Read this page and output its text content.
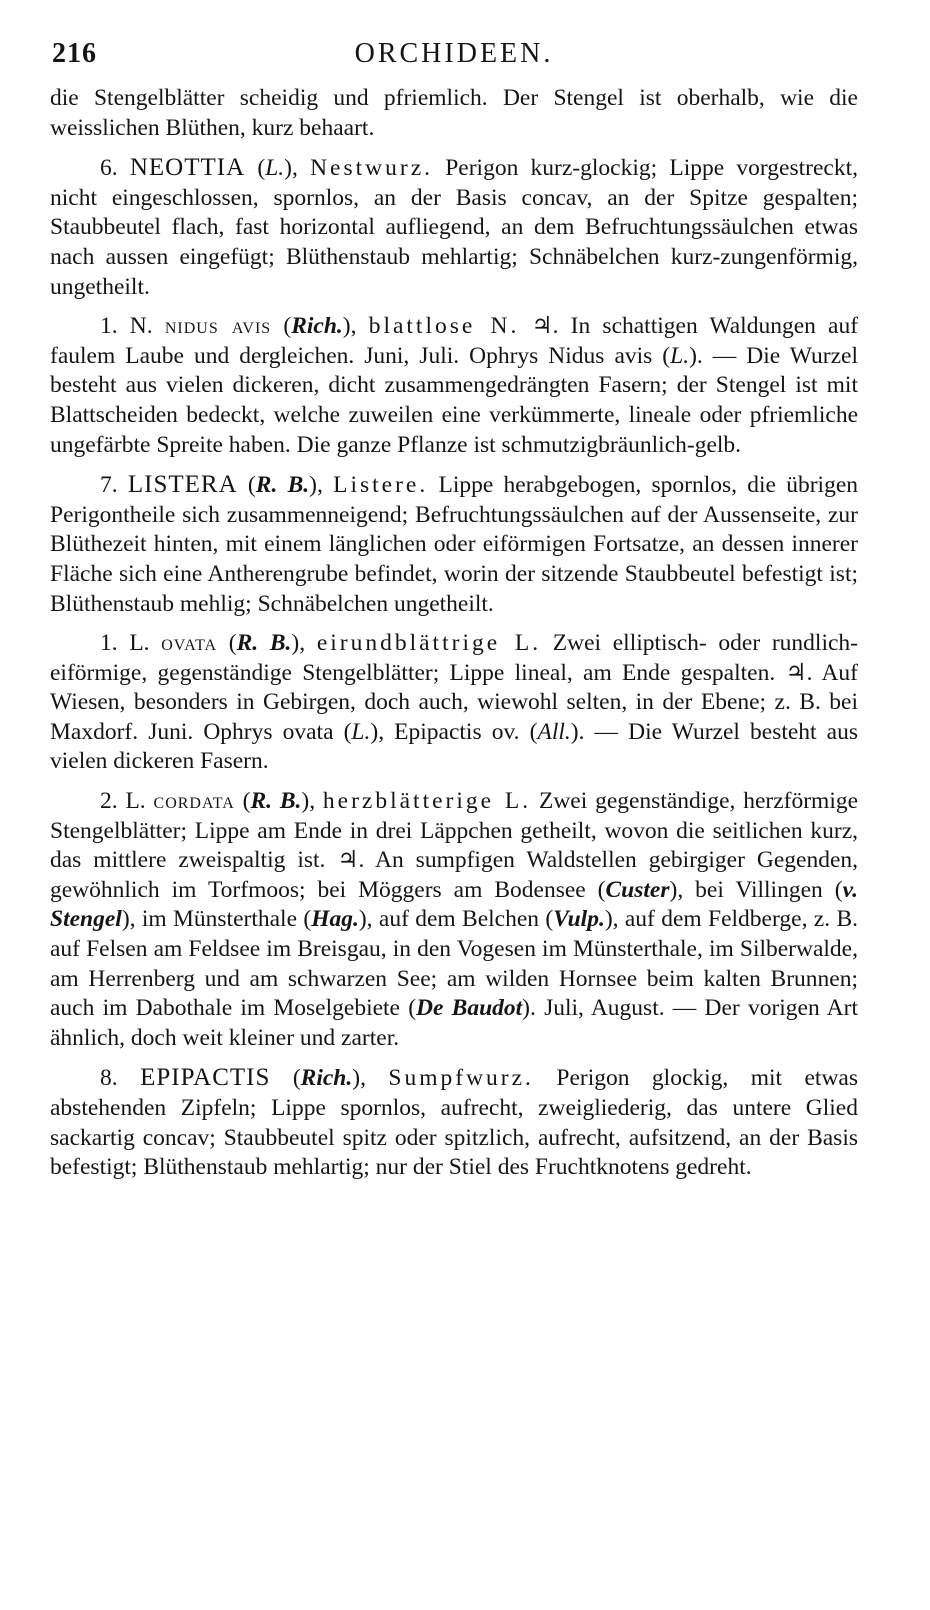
216	ORCHIDEEN.

die Stengelblätter scheidig und pfriemlich. Der Stengel ist oberhalb, wie die weisslichen Blüthen, kurz behaart.

6. NEOTTIA (L.), Nestwurz. Perigon kurz-glockig; Lippe vorgestreckt, nicht eingeschlossen, spornlos, an der Basis concav, an der Spitze gespalten; Staubbeutel flach, fast horizontal aufliegend, an dem Befruchtungssäulchen etwas nach aussen eingefügt; Blüthenstaub mehlartig; Schnäbelchen kurz-zungenförmig, ungetheilt.

1. N. nidus avis (Rich.), blattlose N. ♃. In schattigen Waldungen auf faulem Laube und dergleichen. Juni, Juli. Ophrys Nidus avis (L.). — Die Wurzel besteht aus vielen dickeren, dicht zusammengedrängten Fasern; der Stengel ist mit Blattscheiden bedeckt, welche zuweilen eine verkümmerte, lineale oder pfriemliche ungefärbte Spreite haben. Die ganze Pflanze ist schmutzigbräunlich-gelb.

7. LISTERA (R. B.), Listere. Lippe herabgebogen, spornlos, die übrigen Perigontheile sich zusammenneigend; Befruchtungssäulchen auf der Aussenseite, zur Blüthezeit hinten, mit einem länglichen oder eiförmigen Fortsatze, an dessen innerer Fläche sich eine Antherengrube befindet, worin der sitzende Staubbeutel befestigt ist; Blüthenstaub mehlig; Schnäbelchen ungetheilt.

1. L. ovata (R. B.), eirundblättrige L. Zwei elliptisch- oder rundlich-eiförmige, gegenständige Stengelblätter; Lippe lineal, am Ende gespalten. ♃. Auf Wiesen, besonders in Gebirgen, doch auch, wiewohl selten, in der Ebene; z. B. bei Maxdorf. Juni. Ophrys ovata (L.), Epipactis ov. (All.). — Die Wurzel besteht aus vielen dickeren Fasern.

2. L. cordata (R. B.), herzblätterige L. Zwei gegenständige, herzförmige Stengelblätter; Lippe am Ende in drei Läppchen getheilt, wovon die seitlichen kurz, das mittlere zweispaltig ist. ♃. An sumpfigen Waldstellen gebirgiger Gegenden, gewöhnlich im Torfmoos; bei Möggers am Bodensee (Custer), bei Villingen (v. Stengel), im Münsterthale (Hag.), auf dem Belchen (Vulp.), auf dem Feldberge, z. B. auf Felsen am Feldsee im Breisgau, in den Vogesen im Münsterthale, im Silberwalde, am Herrenberg und am schwarzen See; am wilden Hornsee beim kalten Brunnen; auch im Dabothale im Moselgebiete (De Baudot). Juli, August. — Der vorigen Art ähnlich, doch weit kleiner und zarter.

8. EPIPACTIS (Rich.), Sumpfwurz. Perigon glockig, mit etwas abstehenden Zipfeln; Lippe spornlos, aufrecht, zweigliederig, das untere Glied sackartig concav; Staubbeutel spitz oder spitzlich, aufrecht, aufsitzend, an der Basis befestigt; Blüthenstaub mehlartig; nur der Stiel des Fruchtknotens gedreht.
